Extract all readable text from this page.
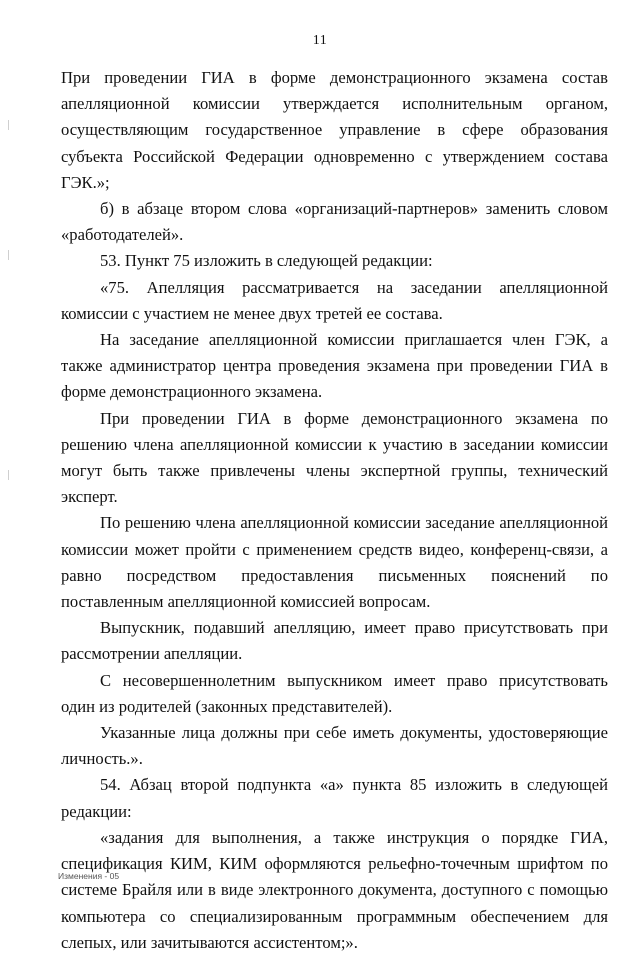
11

При проведении ГИА в форме демонстрационного экзамена состав апелляционной комиссии утверждается исполнительным органом, осуществляющим государственное управление в сфере образования субъекта Российской Федерации одновременно с утверждением состава ГЭК.»;

б) в абзаце втором слова «организаций-партнеров» заменить словом «работодателей».

53. Пункт 75 изложить в следующей редакции:

«75. Апелляция рассматривается на заседании апелляционной комиссии с участием не менее двух третей ее состава.

На заседание апелляционной комиссии приглашается член ГЭК, а также администратор центра проведения экзамена при проведении ГИА в форме демонстрационного экзамена.

При проведении ГИА в форме демонстрационного экзамена по решению члена апелляционной комиссии к участию в заседании комиссии могут быть также привлечены члены экспертной группы, технический эксперт.

По решению члена апелляционной комиссии заседание апелляционной комиссии может пройти с применением средств видео, конференц-связи, а равно посредством предоставления письменных пояснений по поставленным апелляционной комиссией вопросам.

Выпускник, подавший апелляцию, имеет право присутствовать при рассмотрении апелляции.

С несовершеннолетним выпускником имеет право присутствовать один из родителей (законных представителей).

Указанные лица должны при себе иметь документы, удостоверяющие личность.».

54. Абзац второй подпункта «а» пункта 85 изложить в следующей редакции:

«задания для выполнения, а также инструкция о порядке ГИА, спецификация КИМ, КИМ оформляются рельефно-точечным шрифтом по системе Брайля или в виде электронного документа, доступного с помощью компьютера со специализированным программным обеспечением для слепых, или зачитываются ассистентом;».

Изменения - 05
